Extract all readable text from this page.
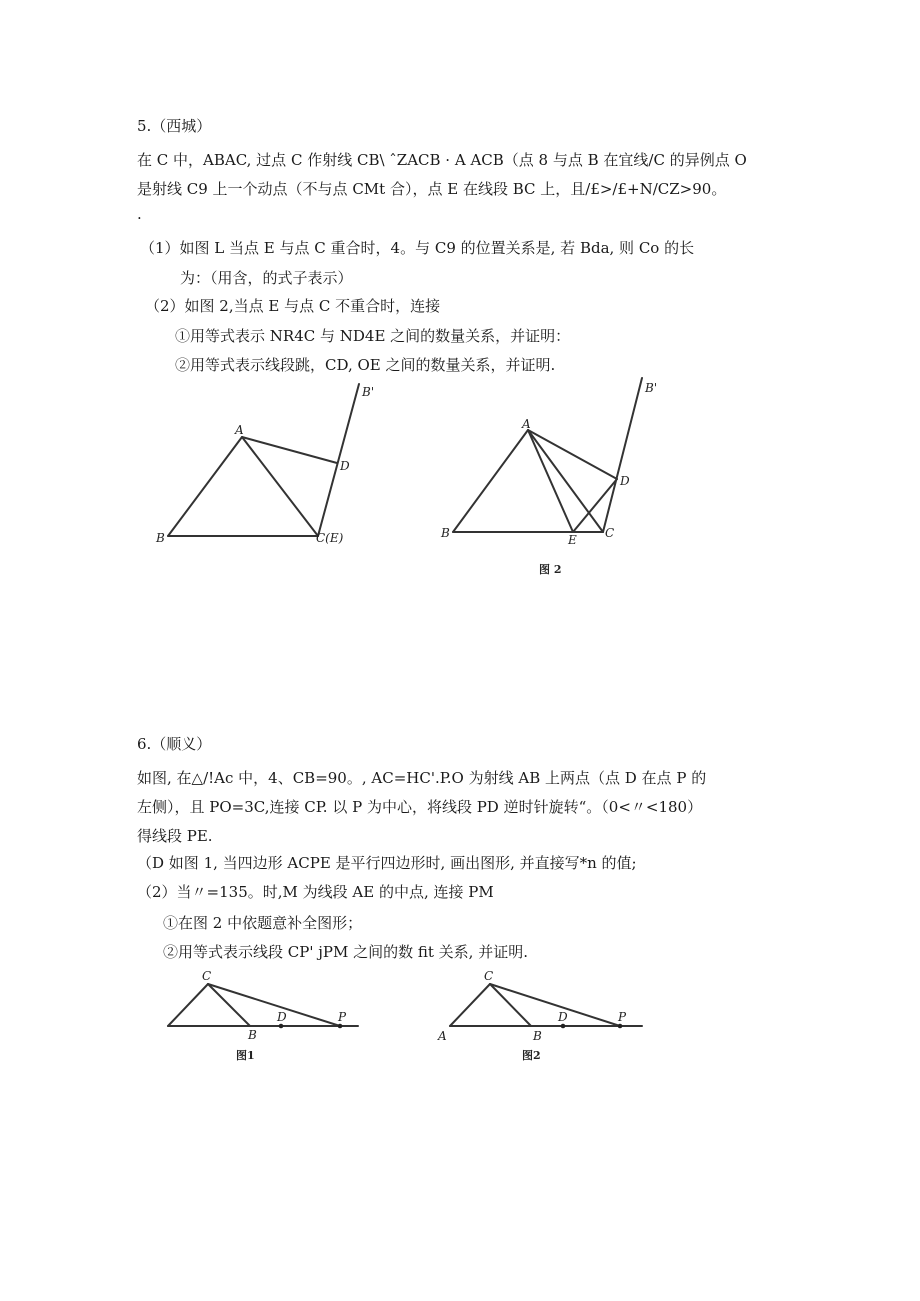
5.（西城）
在 C 中，ABAC, 过点 C 作射线 CB\ ˆZACB · A ACB（点 8 与点 B 在宜线/C 的异例点 O
是射线 C9 上一个动点（不与点 CMt 合），点 E 在线段 BC 上，且/£>/£+N/CZ>90。
.
（1）如图 L 当点 E 与点 C 重合时，4。与 C9 的位置关系是, 若 Bda, 则 Co 的长
为：（用含，的式子表示）
（2）如图 2,当点 E 与点 C 不重合时，连接
①用等式表示 NR4C 与 ND4E 之间的数量关系，并证明：
②用等式表示线段跳，CD, OE 之间的数量关系，并证明.
A
B	C(E)
D
B'
A
B	C
D
E
B'
图 2
6.（顺义）
如图, 在△/!Ac 中，4、CB=90。, AC=HC'.P.O 为射线 AB 上两点（点 D 在点 P 的
左侧），且 PO=3C,连接 CP. 以 P 为中心，将线段 PD 逆时针旋转“。（0<〃<180）
得线段 PE.
（D 如图 1, 当四边形 ACPE 是平行四边形时, 画出图形, 并直接写*n 的值;
（2）当〃=135。时,M 为线段 AE 的中点, 连接 PM
①在图 2 中依题意补全图形；
②用等式表示线段 CP' jPM 之间的数 fit 关系, 并证明.
C
B
D	P
图1
A
C
B
D	P
图2
